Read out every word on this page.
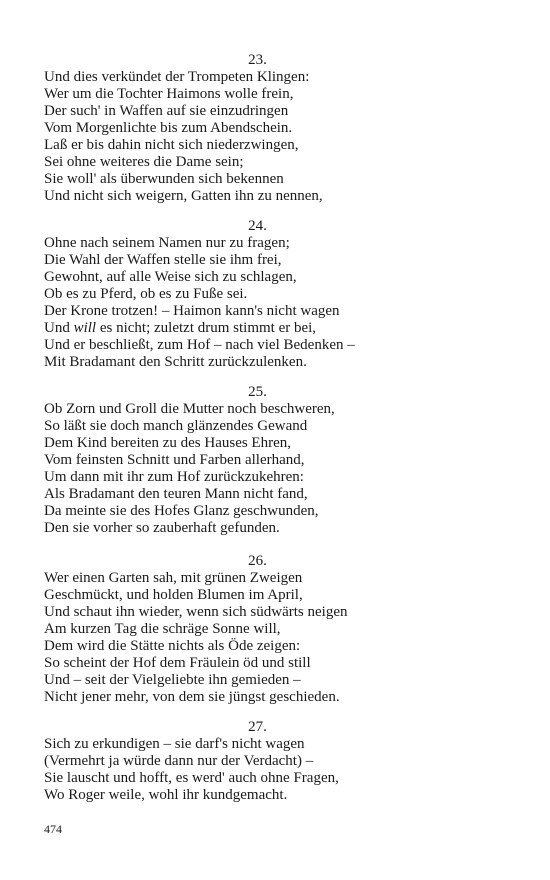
23.
Und dies verkündet der Trompeten Klingen:
Wer um die Tochter Haimons wolle frein,
Der such' in Waffen auf sie einzudringen
Vom Morgenlichte bis zum Abendschein.
Laß er bis dahin nicht sich niederzwingen,
Sei ohne weiteres die Dame sein;
Sie woll' als überwunden sich bekennen
Und nicht sich weigern, Gatten ihn zu nennen,
24.
Ohne nach seinem Namen nur zu fragen;
Die Wahl der Waffen stelle sie ihm frei,
Gewohnt, auf alle Weise sich zu schlagen,
Ob es zu Pferd, ob es zu Fuße sei.
Der Krone trotzen! – Haimon kann's nicht wagen
Und will es nicht; zuletzt drum stimmt er bei,
Und er beschließt, zum Hof – nach viel Bedenken –
Mit Bradamant den Schritt zurückzulenken.
25.
Ob Zorn und Groll die Mutter noch beschweren,
So läßt sie doch manch glänzendes Gewand
Dem Kind bereiten zu des Hauses Ehren,
Vom feinsten Schnitt und Farben allerhand,
Um dann mit ihr zum Hof zurückzukehren:
Als Bradamant den teuren Mann nicht fand,
Da meinte sie des Hofes Glanz geschwunden,
Den sie vorher so zauberhaft gefunden.
26.
Wer einen Garten sah, mit grünen Zweigen
Geschmückt, und holden Blumen im April,
Und schaut ihn wieder, wenn sich südwärts neigen
Am kurzen Tag die schräge Sonne will,
Dem wird die Stätte nichts als Öde zeigen:
So scheint der Hof dem Fräulein öd und still
Und – seit der Vielgeliebte ihn gemieden –
Nicht jener mehr, von dem sie jüngst geschieden.
27.
Sich zu erkundigen – sie darf's nicht wagen
(Vermehrt ja würde dann nur der Verdacht) –
Sie lauscht und hofft, es werd' auch ohne Fragen,
Wo Roger weile, wohl ihr kundgemacht.
474
